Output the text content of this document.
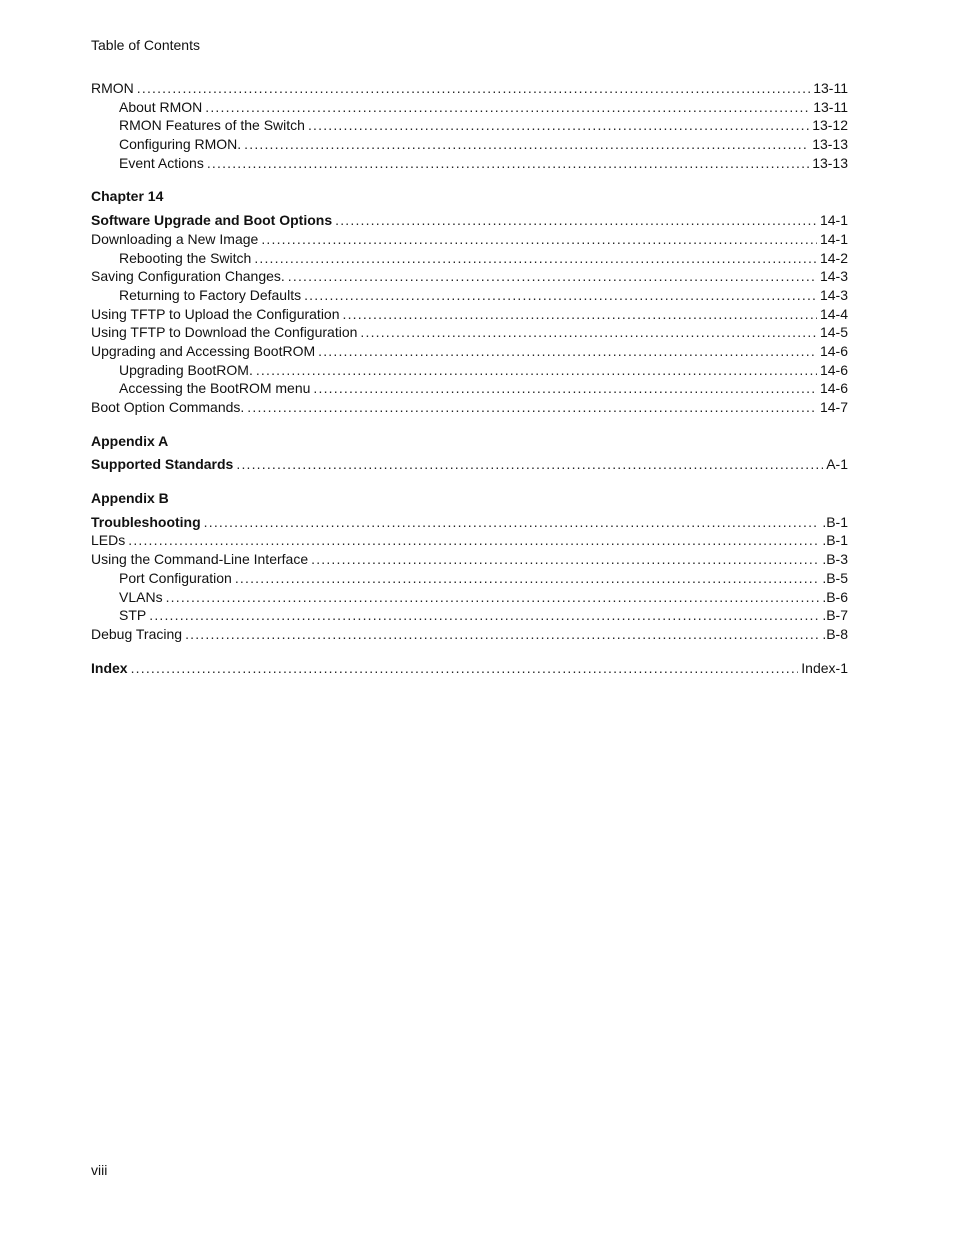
Table of Contents
RMON . . .	13-11
About RMON . . .	13-11
RMON Features of the Switch . . .	13-12
Configuring RMON. . . .	13-13
Event Actions . . .	13-13
Chapter 14
Software Upgrade and Boot Options . . .	14-1
Downloading a New Image . . .	14-1
Rebooting the Switch . . .	14-2
Saving Configuration Changes. . . .	14-3
Returning to Factory Defaults . . .	14-3
Using TFTP to Upload the Configuration . . .	14-4
Using TFTP to Download the Configuration . . .	14-5
Upgrading and Accessing BootROM . . .	14-6
Upgrading BootROM. . . .	14-6
Accessing the BootROM menu . . .	14-6
Boot Option Commands. . . .	14-7
Appendix A
Supported Standards . . .	A-1
Appendix B
Troubleshooting . . .	.B-1
LEDs . . .	.B-1
Using the Command-Line Interface . . .	.B-3
Port Configuration . . .	.B-5
VLANs . . .	.B-6
STP . . .	.B-7
Debug Tracing . . .	.B-8
Index . . .	Index-1
viii
